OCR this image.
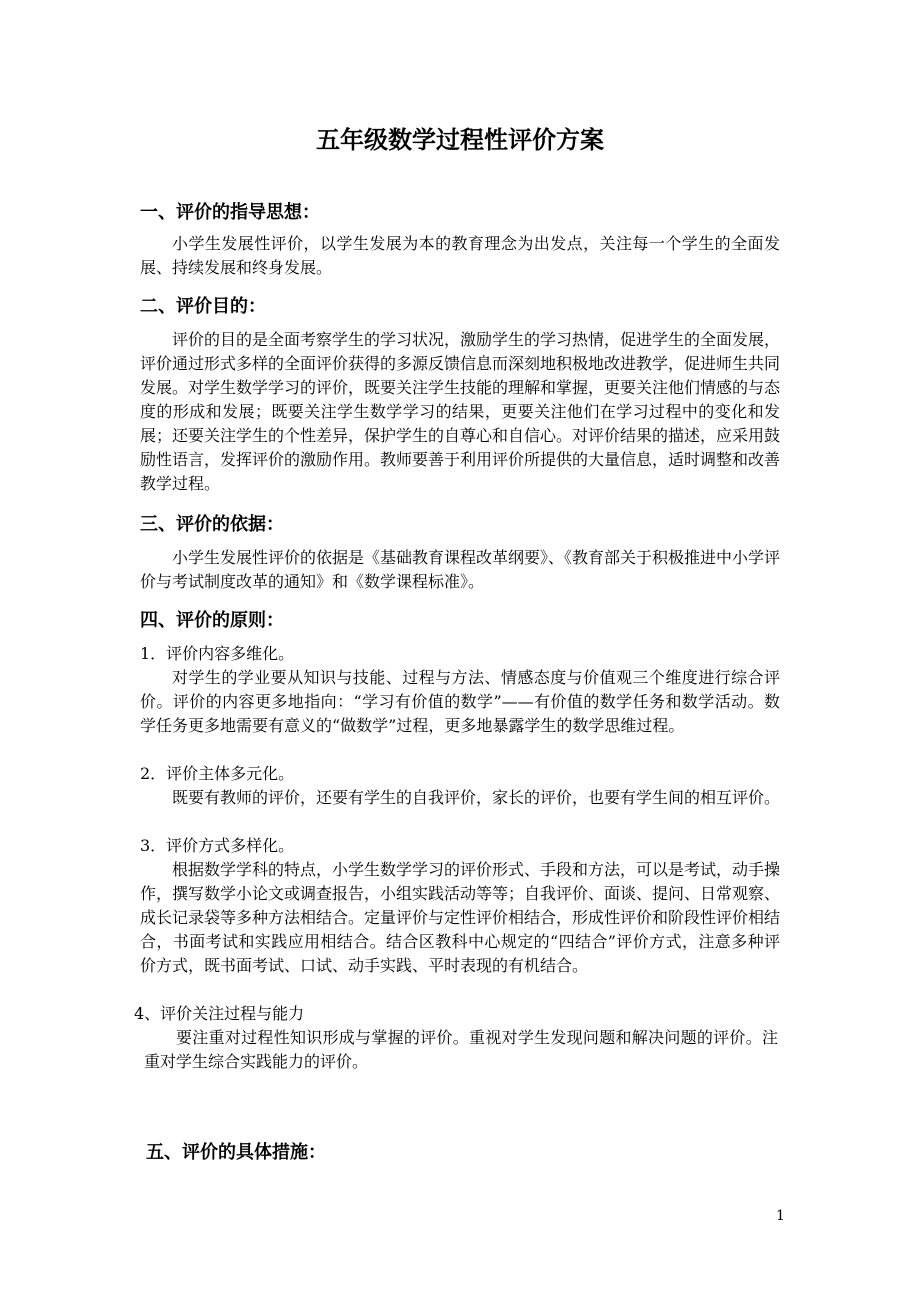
五年级数学过程性评价方案
一、评价的指导思想：
小学生发展性评价，以学生发展为本的教育理念为出发点，关注每一个学生的全面发展、持续发展和终身发展。
二、评价目的：
评价的目的是全面考察学生的学习状况，激励学生的学习热情，促进学生的全面发展，评价通过形式多样的全面评价获得的多源反馈信息而深刻地积极地改进教学，促进师生共同发展。对学生数学学习的评价，既要关注学生技能的理解和掌握，更要关注他们情感的与态度的形成和发展；既要关注学生数学学习的结果，更要关注他们在学习过程中的变化和发展；还要关注学生的个性差异，保护学生的自尊心和自信心。对评价结果的描述，应采用鼓励性语言，发挥评价的激励作用。教师要善于利用评价所提供的大量信息，适时调整和改善教学过程。
三、评价的依据：
小学生发展性评价的依据是《基础教育课程改革纲要》、《教育部关于积极推进中小学评价与考试制度改革的通知》和《数学课程标准》。
四、评价的原则：
1．评价内容多维化。
对学生的学业要从知识与技能、过程与方法、情感态度与价值观三个维度进行综合评价。评价的内容更多地指向：“学习有价值的数学”——有价值的数学任务和数学活动。数学任务更多地需要有意义的“做数学”过程，更多地暴露学生的数学思维过程。
2．评价主体多元化。
既要有教师的评价，还要有学生的自我评价，家长的评价，也要有学生间的相互评价。
3．评价方式多样化。
根据数学学科的特点，小学生数学学习的评价形式、手段和方法，可以是考试，动手操作，撰写数学小论文或调查报告，小组实践活动等等；自我评价、面谈、提问、日常观察、成长记录袋等多种方法相结合。定量评价与定性评价相结合，形成性评价和阶段性评价相结合，书面考试和实践应用相结合。结合区教科中心规定的“四结合”评价方式，注意多种评价方式，既书面考试、口试、动手实践、平时表现的有机结合。
4、评价关注过程与能力
要注重对过程性知识形成与掌握的评价。重视对学生发现问题和解决问题的评价。注重对学生综合实践能力的评价。
五、评价的具体措施：
1
